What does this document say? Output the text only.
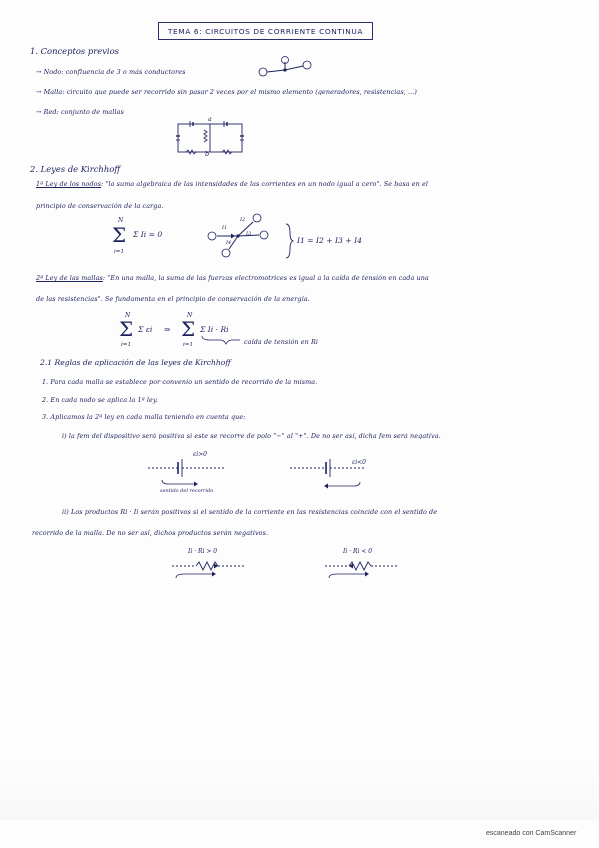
TEMA 6: CIRCUITOS DE CORRIENTE CONTINUA
1. Conceptos previos
→ Nodo: confluencia de 3 o más conductores
→ Malla: circuito que puede ser recorrido sin pasar 2 veces por el mismo elemento (generadores, resistencias, ...)
→ Red: conjunto de mallas
a
b
2. Leyes de Kirchhoff
1ª Ley de los nodos: "la suma algebraica de las intensidades de las corrientes en un nodo igual a cero". Se basa en el
principio de conservación de la carga.
N
Σ Σ Ii = 0
i=1
I1
I2
I3
I4	I1 = I2 + I3 + I4
2ª Ley de las mallas: "En una malla, la suma de las fuerzas electromotrices es igual a la caída de tensión en cada una
de las resistencias". Se fundamenta en el principio de conservación de la energía.
N
Σ Σ εi
i=1
⇒
N
Σ Σ Ii · Ri
i=1	caída de tensión en Ri
2.1 Reglas de aplicación de las leyes de Kirchhoff
1. Para cada malla se establece por convenio un sentido de recorrido de la misma.
2. En cada nodo se aplica la 1ª ley.
3. Aplicamos la 2ª ley en cada malla teniendo en cuenta que:
i) la fem del dispositivo será positiva si este se recorre de polo "−" al "+". De no ser así, dicha fem será negativa.
εi>0
sentido del recorrido
εi<0
ii) Los productos Ri · Ii serán positivos si el sentido de la corriente en las resistencias coincide con el sentido de
recorrido de la malla. De no ser así, dichos productos serán negativos.
Ii · Ri > 0	Ii · Ri < 0
escaneado con CamScanner
